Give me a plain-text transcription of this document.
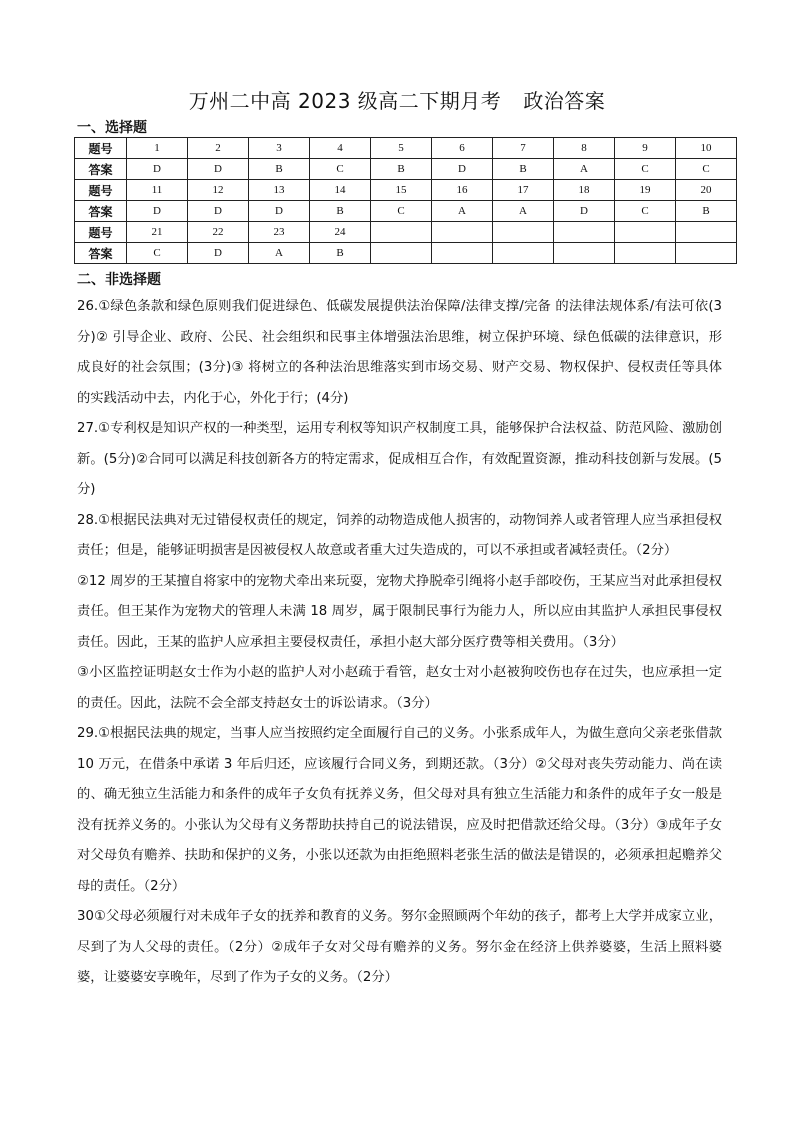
万州二中高 2023 级高二下期月考 政治答案
一、选择题
题号	1	2	3	4	5	6	7	8	9	10
答案	D	D	B	C	B	D	B	A	C	C
题号	11	12	13	14	15	16	17	18	19	20
答案	D	D	D	B	C	A	A	D	C	B
题号	21	22	23	24						
答案	C	D	A	B						
二、非选择题

26.①绿色条款和绿色原则我们促进绿色、低碳发展提供法治保障/法律支撑/完备 的法律法规体系/有法可依(3分)② 引导企业、政府、公民、社会组织和民事主体增强法治思维，树立保护环境、绿色低碳的法律意识，形成良好的社会氛围；(3分)③ 将树立的各种法治思维落实到市场交易、财产交易、物权保护、侵权责任等具体的实践活动中去，内化于心，外化于行；(4分)

27.①专利权是知识产权的一种类型，运用专利权等知识产权制度工具，能够保护合法权益、防范风险、激励创新。(5分)②合同可以满足科技创新各方的特定需求，促成相互合作，有效配置资源，推动科技创新与发展。(5分)

28.①根据民法典对无过错侵权责任的规定，饲养的动物造成他人损害的，动物饲养人或者管理人应当承担侵权责任；但是，能够证明损害是因被侵权人故意或者重大过失造成的，可以不承担或者减轻责任。（2分）

②12 周岁的王某擅自将家中的宠物犬牵出来玩耍，宠物犬挣脱牵引绳将小赵手部咬伤，王某应当对此承担侵权责任。但王某作为宠物犬的管理人未满 18 周岁，属于限制民事行为能力人，所以应由其监护人承担民事侵权责任。因此，王某的监护人应承担主要侵权责任，承担小赵大部分医疗费等相关费用。（3分）

③小区监控证明赵女士作为小赵的监护人对小赵疏于看管，赵女士对小赵被狗咬伤也存在过失，也应承担一定的责任。因此，法院不会全部支持赵女士的诉讼请求。（3分）

29.①根据民法典的规定，当事人应当按照约定全面履行自己的义务。小张系成年人，为做生意向父亲老张借款 10 万元，在借条中承诺 3 年后归还，应该履行合同义务，到期还款。（3分）②父母对丧失劳动能力、尚在读的、确无独立生活能力和条件的成年子女负有抚养义务，但父母对具有独立生活能力和条件的成年子女一般是没有抚养义务的。小张认为父母有义务帮助扶持自己的说法错误，应及时把借款还给父母。（3分）③成年子女对父母负有赡养、扶助和保护的义务，小张以还款为由拒绝照料老张生活的做法是错误的，必须承担起赡养父母的责任。（2分）

30①父母必须履行对未成年子女的抚养和教育的义务。努尔金照顾两个年幼的孩子，都考上大学并成家立业，尽到了为人父母的责任。（2分）②成年子女对父母有赡养的义务。努尔金在经济上供养婆婆，生活上照料婆婆，让婆婆安享晚年，尽到了作为子女的义务。（2分）
